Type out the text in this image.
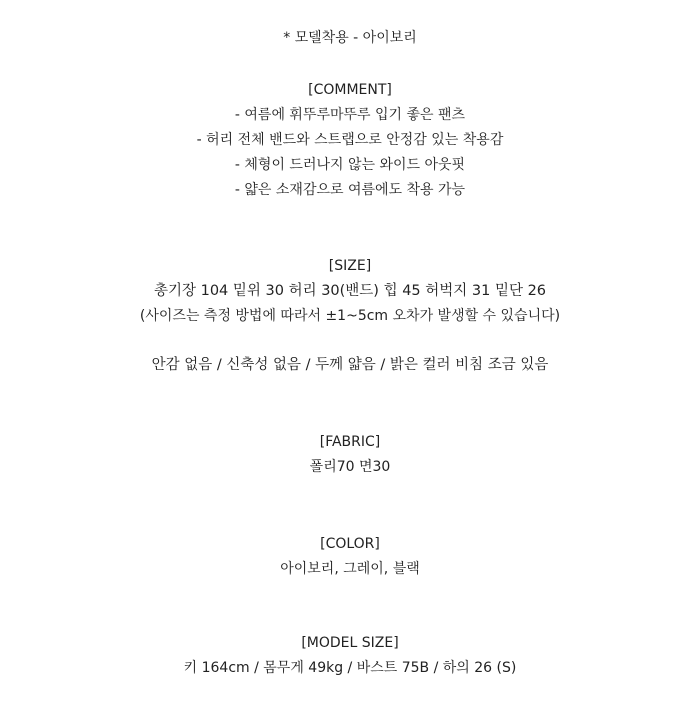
* 모델착용 - 아이보리
[COMMENT]
- 여름에 휘뚜루마뚜루 입기 좋은 팬츠
- 허리 전체 밴드와 스트랩으로 안정감 있는 착용감
- 체형이 드러나지 않는 와이드 아웃핏
- 얇은 소재감으로 여름에도 착용 가능
[SIZE]
총기장 104 밑위 30 허리 30(밴드) 힙 45 허벅지 31 밑단 26
(사이즈는 측정 방법에 따라서 ±1~5cm 오차가 발생할 수 있습니다)
안감 없음 / 신축성 없음 / 두께 얇음 / 밝은 컬러 비침 조금 있음
[FABRIC]
폴리70 면30
[COLOR]
아이보리, 그레이, 블랙
[MODEL SIZE]
키 164cm / 몸무게 49kg / 바스트 75B / 하의 26 (S)
